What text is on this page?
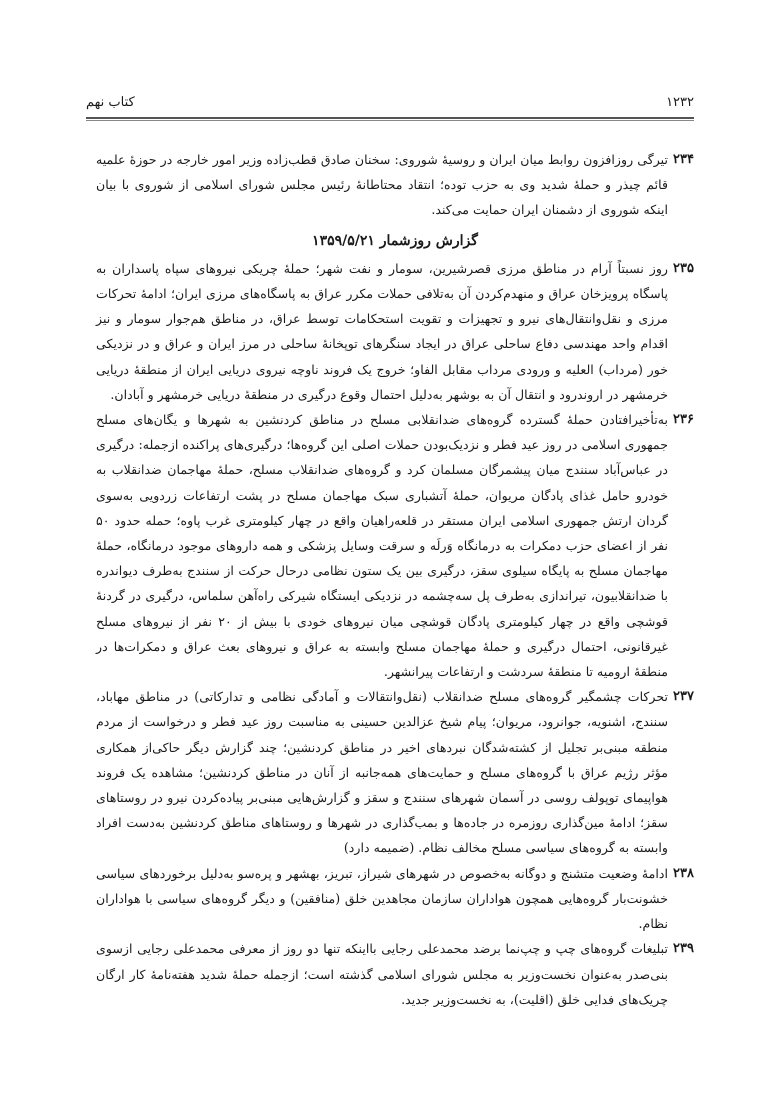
کتاب نهم	۱۲۳۲
۲۳۴
تیرگی روزافزون روابط میان ایران و روسیهٔ شوروی: سخنان صادق قطب‌زاده وزیر امور خارجه در حوزهٔ علمیه قائم چیذر و حملهٔ شدید وی به حزب توده؛ انتقاد محتاطانهٔ رئیس مجلس شورای اسلامی از شوروی با بیان اینکه شوروی از دشمنان ایران حمایت می‌کند.
گزارش روزشمار ۱۳۵۹/۵/۲۱
۲۳۵
روز نسبتاً آرام در مناطق مرزی قصرشیرین، سومار و نفت شهر؛ حملهٔ چریکی نیروهای سپاه پاسداران به پاسگاه پرویزخان عراق و منهدم‌کردن آن به‌تلافی حملات مکرر عراق به پاسگاه‌های مرزی ایران؛ ادامهٔ تحرکات مرزی و نقل‌وانتقال‌های نیرو و تجهیزات و تقویت استحکامات توسط عراق، در مناطق هم‌جوار سومار و نیز اقدام واحد مهندسی دفاع ساحلی عراق در ایجاد سنگرهای توپخانهٔ ساحلی در مرز ایران و عراق و در نزدیکی خور (مرداب) العلیه و ورودی مرداب مقابل الفاو؛ خروج یک فروند ناوچه نیروی دریایی ایران از منطقهٔ دریایی خرمشهر در اروندرود و انتقال آن به بوشهر به‌دلیل احتمال وقوع درگیری در منطقهٔ دریایی خرمشهر و آبادان.
۲۳۶
به‌تأخیرافتادن حملهٔ گسترده گروه‌های ضدانقلابی مسلح در مناطق کردنشین به شهرها و یگان‌های مسلح جمهوری اسلامی در روز عید فطر و نزدیک‌بودن حملات اصلی این گروه‌ها؛ درگیری‌های پراکنده ازجمله: درگیری در عباس‌آباد سنندج میان پیشمرگان مسلمان کرد و گروه‌های ضدانقلاب مسلح، حملهٔ مهاجمان ضدانقلاب به خودرو حامل غذای پادگان مریوان، حملهٔ آتشباری سبک مهاجمان مسلح در پشت ارتفاعات زردویی به‌سوی گردان ارتش جمهوری اسلامی ایران مستقر در قلعه‌راهیان واقع در چهار کیلومتری غرب پاوه؛ حمله حدود ۵۰ نفر از اعضای حزب دمکرات به درمانگاه وَرلَه و سرقت وسایل پزشکی و همه داروهای موجود درمانگاه، حملهٔ مهاجمان مسلح به پایگاه سیلوی سقز، درگیری بین یک ستون نظامی درحال حرکت از سنندج به‌طرف دیواندره با ضدانقلابیون، تیراندازی به‌طرف پل سه‌چشمه در نزدیکی ایستگاه شیرکی راه‌آهن سلماس، درگیری در گردنهٔ قوشچی واقع در چهار کیلومتری پادگان قوشچی میان نیروهای خودی با بیش از ۲۰ نفر از نیروهای مسلح غیرقانونی، احتمال درگیری و حملهٔ مهاجمان مسلح وابسته به عراق و نیروهای بعث عراق و دمکرات‌ها در منطقهٔ ارومیه تا منطقهٔ سردشت و ارتفاعات پیرانشهر.
۲۳۷
تحرکات چشمگیر گروه‌های مسلح ضدانقلاب (نقل‌وانتقالات و آمادگی نظامی و تدارکاتی) در مناطق مهاباد، سنندج، اشنویه، جوانرود، مریوان؛ پیام شیخ عزالدین حسینی به مناسبت روز عید فطر و درخواست از مردم منطقه مبنی‌بر تجلیل از کشته‌شدگان نبردهای اخیر در مناطق کردنشین؛ چند گزارش دیگر حاکی‌از همکاری مؤثر رژیم عراق با گروه‌های مسلح و حمایت‌های همه‌جانبه از آنان در مناطق کردنشین؛ مشاهده یک فروند هواپیمای توپولف روسی در آسمان شهرهای سنندج و سقز و گزارش‌هایی مبنی‌بر پیاده‌کردن نیرو در روستاهای سقز؛ ادامهٔ مین‌گذاری روزمره در جاده‌ها و بمب‌گذاری در شهرها و روستاهای مناطق کردنشین به‌دست افراد وابسته به گروه‌های سیاسی مسلح مخالف نظام. (ضمیمه دارد)
۲۳۸
ادامهٔ وضعیت متشنج و دوگانه به‌خصوص در شهرهای شیراز، تبریز، بهشهر و پرەسو به‌دلیل برخوردهای سیاسی خشونت‌بار گروه‌هایی همچون هواداران سازمان مجاهدین خلق (منافقین) و دیگر گروه‌های سیاسی با هواداران نظام.
۲۳۹
تبلیغات گروه‌های چپ و چپ‌نما برضد محمدعلی رجایی بااینکه تنها دو روز از معرفی محمدعلی رجایی ازسوی بنی‌صدر به‌عنوان نخست‌وزیر به مجلس شورای اسلامی گذشته است؛ ازجمله حملهٔ شدید هفته‌نامهٔ کار ارگان چریک‌های فدایی خلق (اقلیت)، به نخست‌وزیر جدید.
